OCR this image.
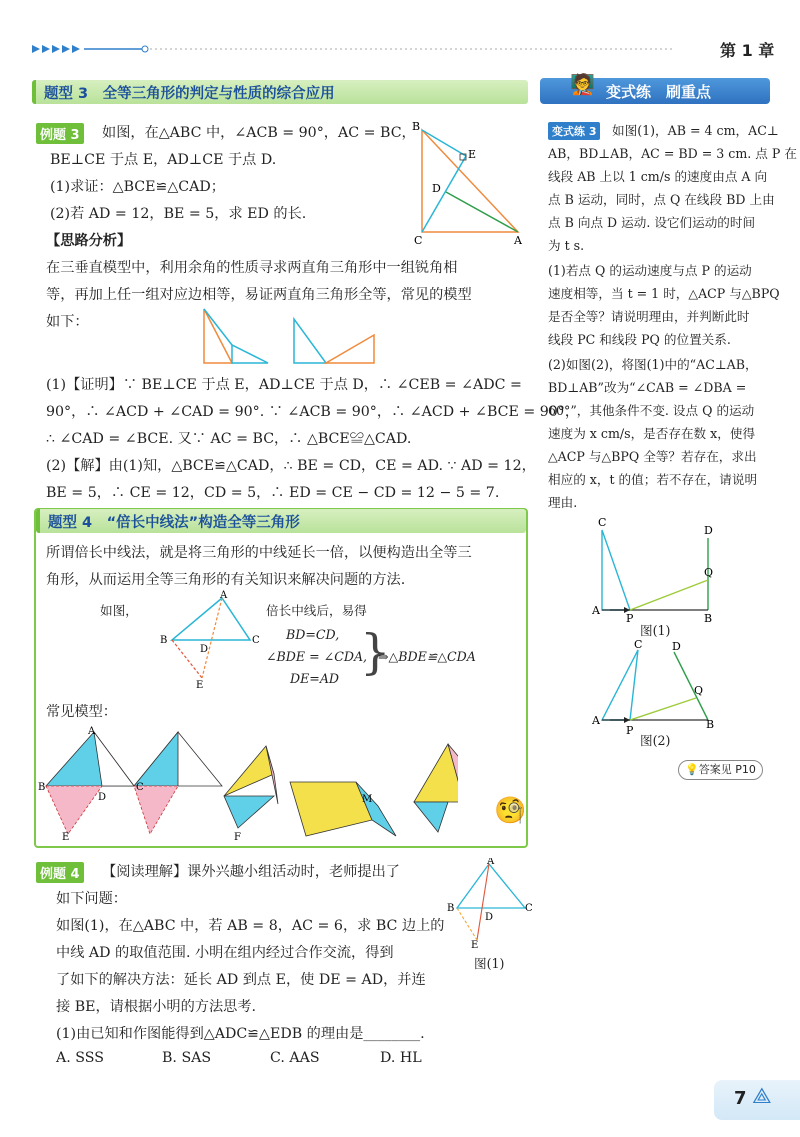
第 1 章
题型 3　全等三角形的判定与性质的综合应用	🧑‍🏫 变式练　刷重点
例题 3 如图，在△ABC 中，∠ACB = 90°，AC = BC，
BE⊥CE 于点 E，AD⊥CE 于点 D.
(1)求证：△BCE≌△CAD；
(2)若 AD = 12，BE = 5，求 ED 的长.
B
E
D
C	A
【思路分析】
在三垂直模型中，利用余角的性质寻求两直角三角形中一组锐角相
等，再加上任一组对应边相等，易证两直角三角形全等，常见的模型
如下：
(1)【证明】∵ BE⊥CE 于点 E，AD⊥CE 于点 D，∴ ∠CEB = ∠ADC =
90°，∴ ∠ACD + ∠CAD = 90°. ∵ ∠ACB = 90°，∴ ∠ACD + ∠BCE = 90°，
∴ ∠CAD = ∠BCE. 又∵ AC = BC，∴ △BCE≌△CAD.
(2)【解】由(1)知，△BCE≌△CAD，∴ BE = CD，CE = AD. ∵ AD = 12，
BE = 5，∴ CE = 12，CD = 5，∴ ED = CE − CD = 12 − 5 = 7.
题型 4　“倍长中线法”构造全等三角形
所谓倍长中线法，就是将三角形的中线延长一倍，以便构造出全等三
角形，从而运用全等三角形的有关知识来解决问题的方法.
如图，
A
B	C
D
E
倍长中线后，易得
BD=CD,
∠BDE = ∠CDA,
DE=AD }
⇒△BDE≌△CDA
常见模型：
A
B	C
D
E	F
M	🧐
例题 4 【阅读理解】课外兴趣小组活动时，老师提出了
如下问题：
如图(1)，在△ABC 中，若 AB = 8，AC = 6，求 BC 边上的
中线 AD 的取值范围. 小明在组内经过合作交流，得到
了如下的解决方法：延长 AD 到点 E，使 DE = AD，并连
接 BE，请根据小明的方法思考.
(1)由已知和作图能得到△ADC≌△EDB 的理由是________.
A. SSS	B. SAS	C. AAS	D. HL
A
B	C
D
E
图(1)
变式练 3	如图(1)，AB = 4 cm，AC⊥
AB，BD⊥AB，AC = BD = 3 cm. 点 P 在
线段 AB 上以 1 cm/s 的速度由点 A 向
点 B 运动，同时，点 Q 在线段 BD 上由
点 B 向点 D 运动. 设它们运动的时间
为 t s.
(1)若点 Q 的运动速度与点 P 的运动
速度相等，当 t = 1 时，△ACP 与△BPQ
是否全等？请说明理由，并判断此时
线段 PC 和线段 PQ 的位置关系.
(2)如图(2)，将图(1)中的“AC⊥AB，
BD⊥AB”改为“∠CAB = ∠DBA =
60°”，其他条件不变. 设点 Q 的运动
速度为 x cm/s，是否存在数 x，使得
△ACP 与△BPQ 全等？若存在，求出
相应的 x，t 的值；若不存在，请说明
理由.
C
D
A
P	B
Q
图(1)
C	D
A
P	B
Q
图(2)
💡答案见 P10
7 ⟁
